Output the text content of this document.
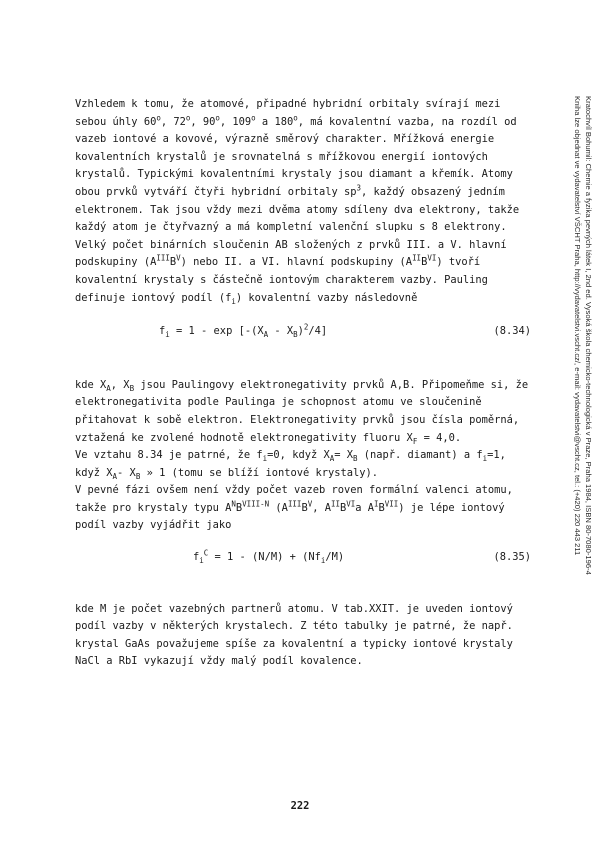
Kratochvíl Bohumil: Chemie a fyzika pevných látek I, 2nd ed. Vysoká škola chemicko-technologická v Praze, Praha 1984, ISBN 80-7080-196-4
Kniha lze objednat ve vydavatelství VŠCHT Praha, http://vydavatelstvi.vscht.cz/, e-mail: vydavatelstvi@vscht.cz, tel.: (+420) 220 443 211

Vzhledem k tomu, že atomové, připadné hybridní orbitaly svírají mezi sebou úhly 60$^o$, 72$^o$, 90$^o$, 109$^o$ a 180$^o$, má kovalentní vazba, na rozdíl od vazeb iontové a kovové, výrazně směrový charakter. Mřížková energie kovalentních krystalů je srovnatelná s mřížkovou energií iontových krystalů. Typickými kovalentními krystaly jsou diamant a křemík. Atomy obou prvků vytváří čtyři hybridní orbitaly $sp^3$, každý obsazený jedním elektronem. Tak jsou vždy mezi dvěma atomy sdíleny dva elektrony, takže každý atom je čtyřvazný a má kompletní valenční slupku s 8 elektrony.

Velký počet binárních sloučenin AB složených z prvků III. a V. hlavní podskupiny $(A^{III}B^V)$ nebo II. a VI. hlavní podskupiny $(A^{II}B^{VI})$ tvoří kovalentní krystaly s částečně iontovým charakterem vazby. Pauling definuje iontový podíl $(f_i)$ kovalentní vazby následovně

$f_i = 1 - \exp [-(X_A - X_B)^2/4]$	(8.34)

kde $X_A$, $X_B$ jsou Paulingovy elektronegativity prvků A,B. Připomeňme si, že elektronegativita podle Paulinga je schopnost atomu ve sloučenině přitahovat k sobě elektron. Elektronegativity prvků jsou čísla poměrná, vztažená ke zvolené hodnotě elektronegativity fluoru $X_F = 4,0$.

Ve vztahu 8.34 je patrné, že $f_i=0$, když $X_A= X_B$ (např. diamant) a $f_i=1$, když $X_A-$ $X_B$ » 1 (tomu se blíží iontové krystaly).

V pevné fázi ovšem není vždy počet vazeb roven formální valenci atomu, takže pro krystaly typu $A^NB^{VIII-N}$ ($A^{III}B^V$, $A^{II}B^{VI}a$ $A^IB^{VII}$) je lépe iontový podíl vazby vyjádřit jako

$f_i^C = 1 - (N/M) + (Nf_i/M)$	(8.35)

kde M je počet vazebných partnerů atomu. V tab.XXIT. je uveden iontový podíl vazby v některých krystalech. Z této tabulky je patrné, že např. krystal GaAs považujeme spíše za kovalentní a typicky iontové krystaly NaCl a RbI vykazují vždy malý podíl kovalence.

222
